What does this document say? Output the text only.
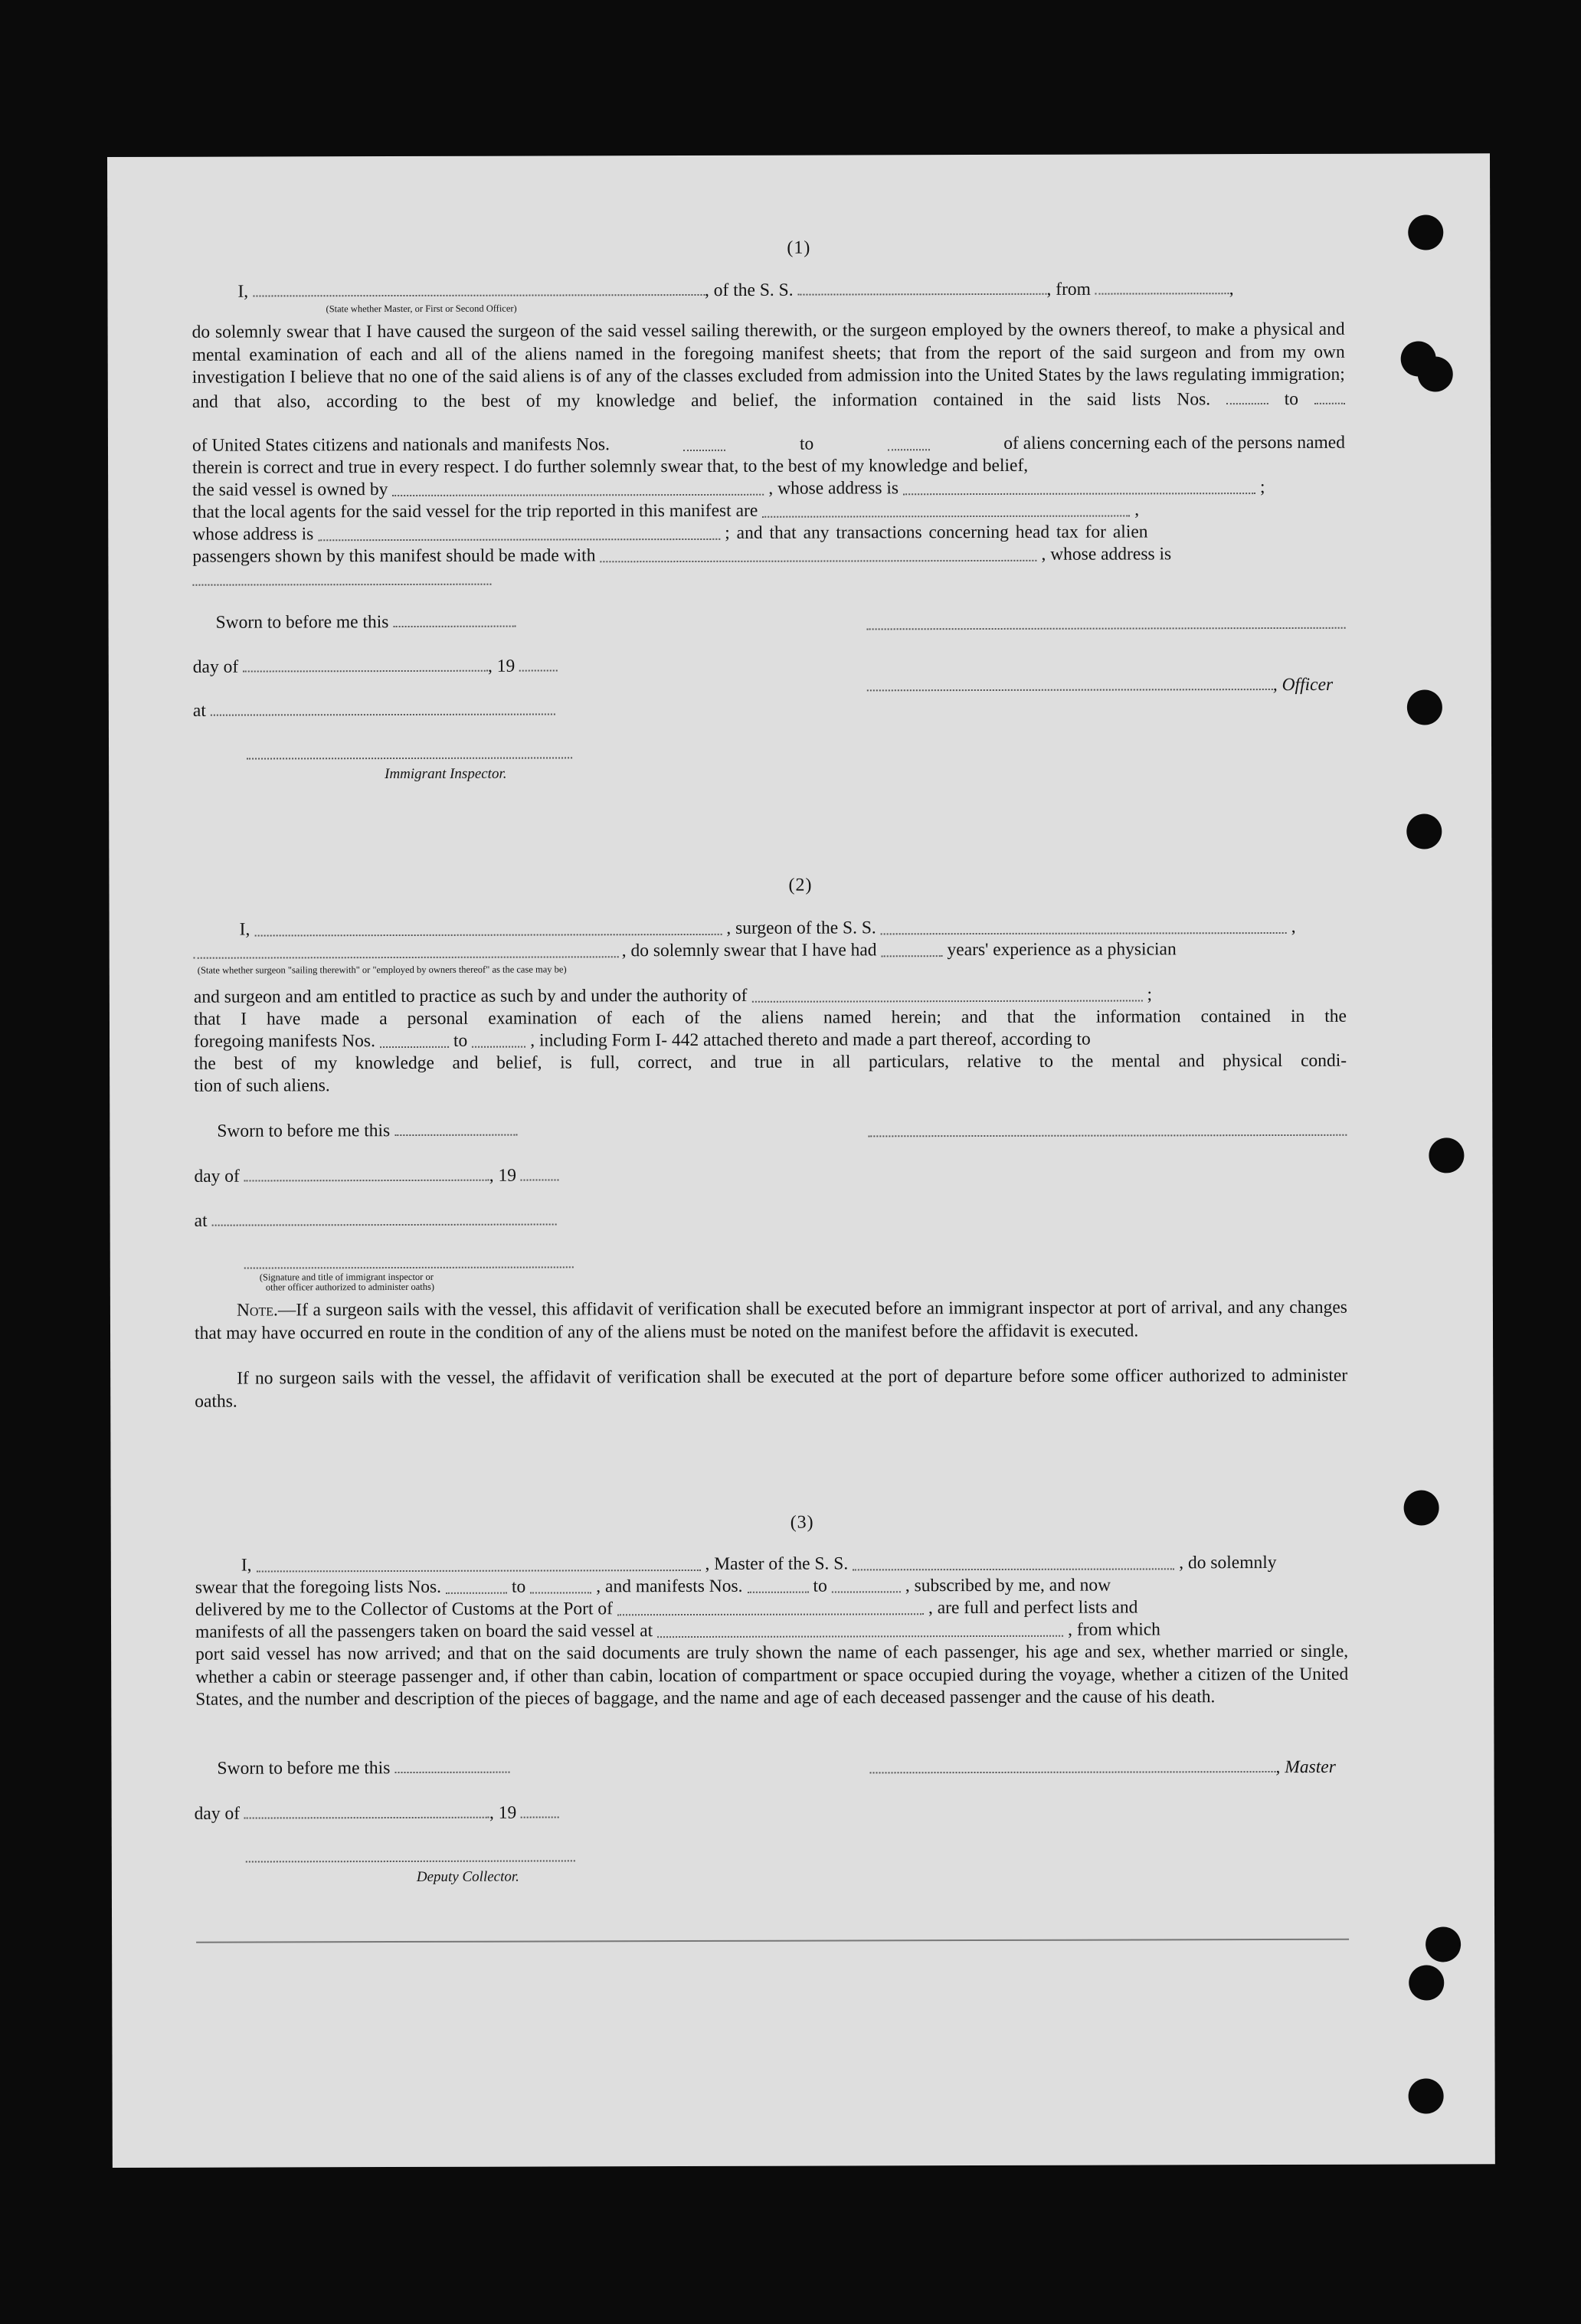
(1)
I,	, of the S. S.	, from	,
(State whether Master, or First or Second Officer)
do solemnly swear that I have caused the surgeon of the said vessel sailing therewith, or the surgeon employed by the owners thereof, to make a physical and mental examination of each and all of the aliens named in the foregoing manifest sheets; that from the report of the said surgeon and from my own investigation I believe that no one of the said aliens is of any of the classes excluded from admission into the United States by the laws regulating immigration; and that also, according to the best of my knowledge and belief, the information contained in the said lists Nos.	to
of United States citizens and nationals and manifests Nos.	to	of aliens concerning each of the persons named
therein is correct and true in every respect. I do further solemnly swear that, to the best of my knowledge and belief,
the said vessel is owned by	, whose address is	;
that the local agents for the said vessel for the trip reported in this manifest are	,
whose address is	; and that any transactions concerning head tax for alien
passengers shown by this manifest should be made with	, whose address is
Sworn to before me this
day of	, 19
, Officer
at
Immigrant Inspector.
(2)
I,	, surgeon of the S. S.	,
, do solemnly swear that I have had	years' experience as a physician
(State whether surgeon "sailing therewith" or "employed by owners thereof" as the case may be)
and surgeon and am entitled to practice as such by and under the authority of	;
that I have made a personal examination of each of the aliens named herein; and that the information contained in the
foregoing manifests Nos.	to	, including Form I- 442 attached thereto and made a part thereof, according to
the best of my knowledge and belief, is full, correct, and true in all particulars, relative to the mental and physical condi-
tion of such aliens.
Sworn to before me this
day of	, 19
at
(Signature and title of immigrant inspector or
other officer authorized to administer oaths)
Note.—If a surgeon sails with the vessel, this affidavit of verification shall be executed before an immigrant inspector at port of arrival, and any changes that may have occurred en route in the condition of any of the aliens must be noted on the manifest before the affidavit is executed.
If no surgeon sails with the vessel, the affidavit of verification shall be executed at the port of departure before some officer authorized to administer oaths.
(3)
I,	, Master of the S. S.	, do solemnly
swear that the foregoing lists Nos.	to	, and manifests Nos.	to	, subscribed by me, and now
delivered by me to the Collector of Customs at the Port of	, are full and perfect lists and
manifests of all the passengers taken on board the said vessel at	, from which
port said vessel has now arrived; and that on the said documents are truly shown the name of each passenger, his age and sex, whether married or single, whether a cabin or steerage passenger and, if other than cabin, location of compartment or space occupied during the voyage, whether a citizen of the United States, and the number and description of the pieces of baggage, and the name and age of each deceased passenger and the cause of his death.
Sworn to before me this	, Master
day of	, 19
Deputy Collector.
